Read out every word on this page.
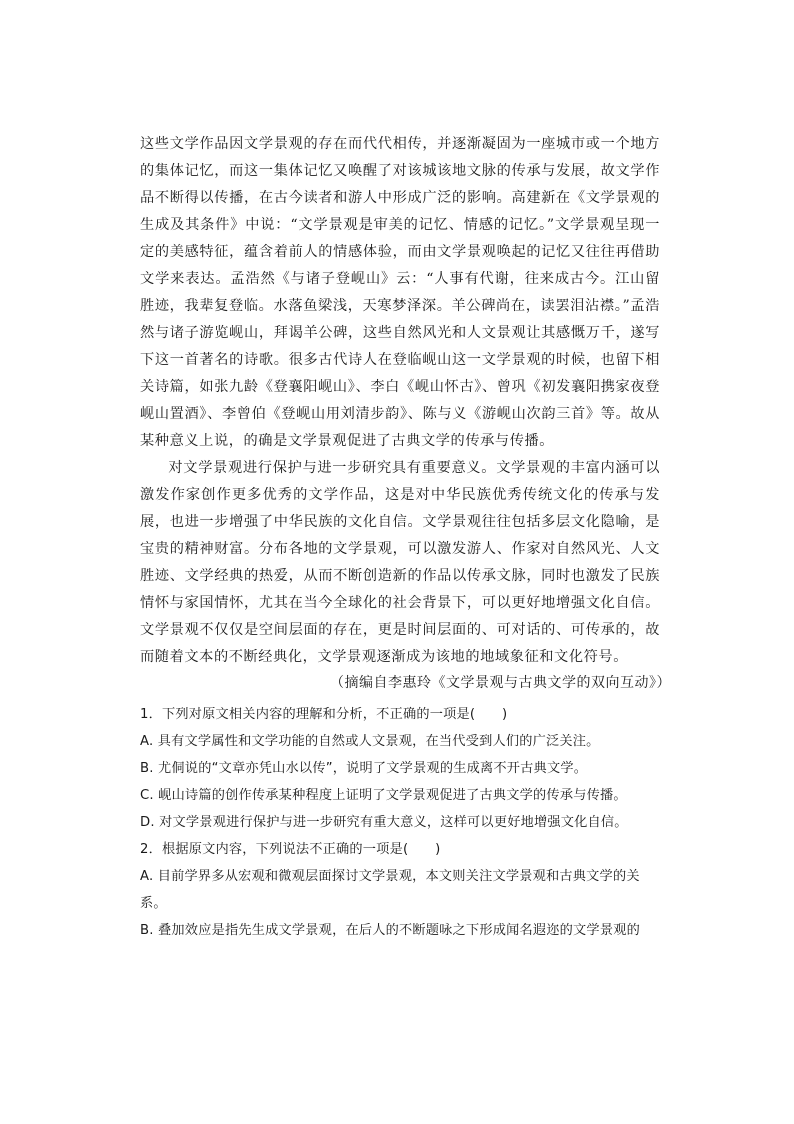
这些文学作品因文学景观的存在而代代相传，并逐渐凝固为一座城市或一个地方的集体记忆，而这一集体记忆又唤醒了对该城该地文脉的传承与发展，故文学作品不断得以传播，在古今读者和游人中形成广泛的影响。高建新在《文学景观的生成及其条件》中说：“文学景观是审美的记忆、情感的记忆。”文学景观呈现一定的美感特征，蕴含着前人的情感体验，而由文学景观唤起的记忆又往往再借助文学来表达。孟浩然《与诸子登岘山》云：“人事有代谢，往来成古今。江山留胜迹，我辈复登临。水落鱼梁浅，天寒梦泽深。羊公碑尚在，读罢泪沾襟。”孟浩然与诸子游览岘山，拜谒羊公碑，这些自然风光和人文景观让其感慨万千，遂写下这一首著名的诗歌。很多古代诗人在登临岘山这一文学景观的时候，也留下相关诗篇，如张九龄《登襄阳岘山》、李白《岘山怀古》、曾巩《初发襄阳携家夜登岘山置酒》、李曾伯《登岘山用刘清步韵》、陈与义《游岘山次韵三首》等。故从某种意义上说，的确是文学景观促进了古典文学的传承与传播。

对文学景观进行保护与进一步研究具有重要意义。文学景观的丰富内涵可以激发作家创作更多优秀的文学作品，这是对中华民族优秀传统文化的传承与发展，也进一步增强了中华民族的文化自信。文学景观往往包括多层文化隐喻，是宝贵的精神财富。分布各地的文学景观，可以激发游人、作家对自然风光、人文胜迹、文学经典的热爱，从而不断创造新的作品以传承文脉，同时也激发了民族情怀与家国情怀，尤其在当今全球化的社会背景下，可以更好地增强文化自信。文学景观不仅仅是空间层面的存在，更是时间层面的、可对话的、可传承的，故而随着文本的不断经典化，文学景观逐渐成为该地的地域象征和文化符号。

（摘编自李惠玲《文学景观与古典文学的双向互动》）

1．下列对原文相关内容的理解和分析，不正确的一项是(　　)

A. 具有文学属性和文学功能的自然或人文景观，在当代受到人们的广泛关注。

B. 尤侗说的“文章亦凭山水以传”，说明了文学景观的生成离不开古典文学。

C. 岘山诗篇的创作传承某种程度上证明了文学景观促进了古典文学的传承与传播。

D. 对文学景观进行保护与进一步研究有重大意义，这样可以更好地增强文化自信。

2．根据原文内容，下列说法不正确的一项是(　　)

A. 目前学界多从宏观和微观层面探讨文学景观，本文则关注文学景观和古典文学的关系。

B. 叠加效应是指先生成文学景观，在后人的不断题咏之下形成闻名遐迩的文学景观的
